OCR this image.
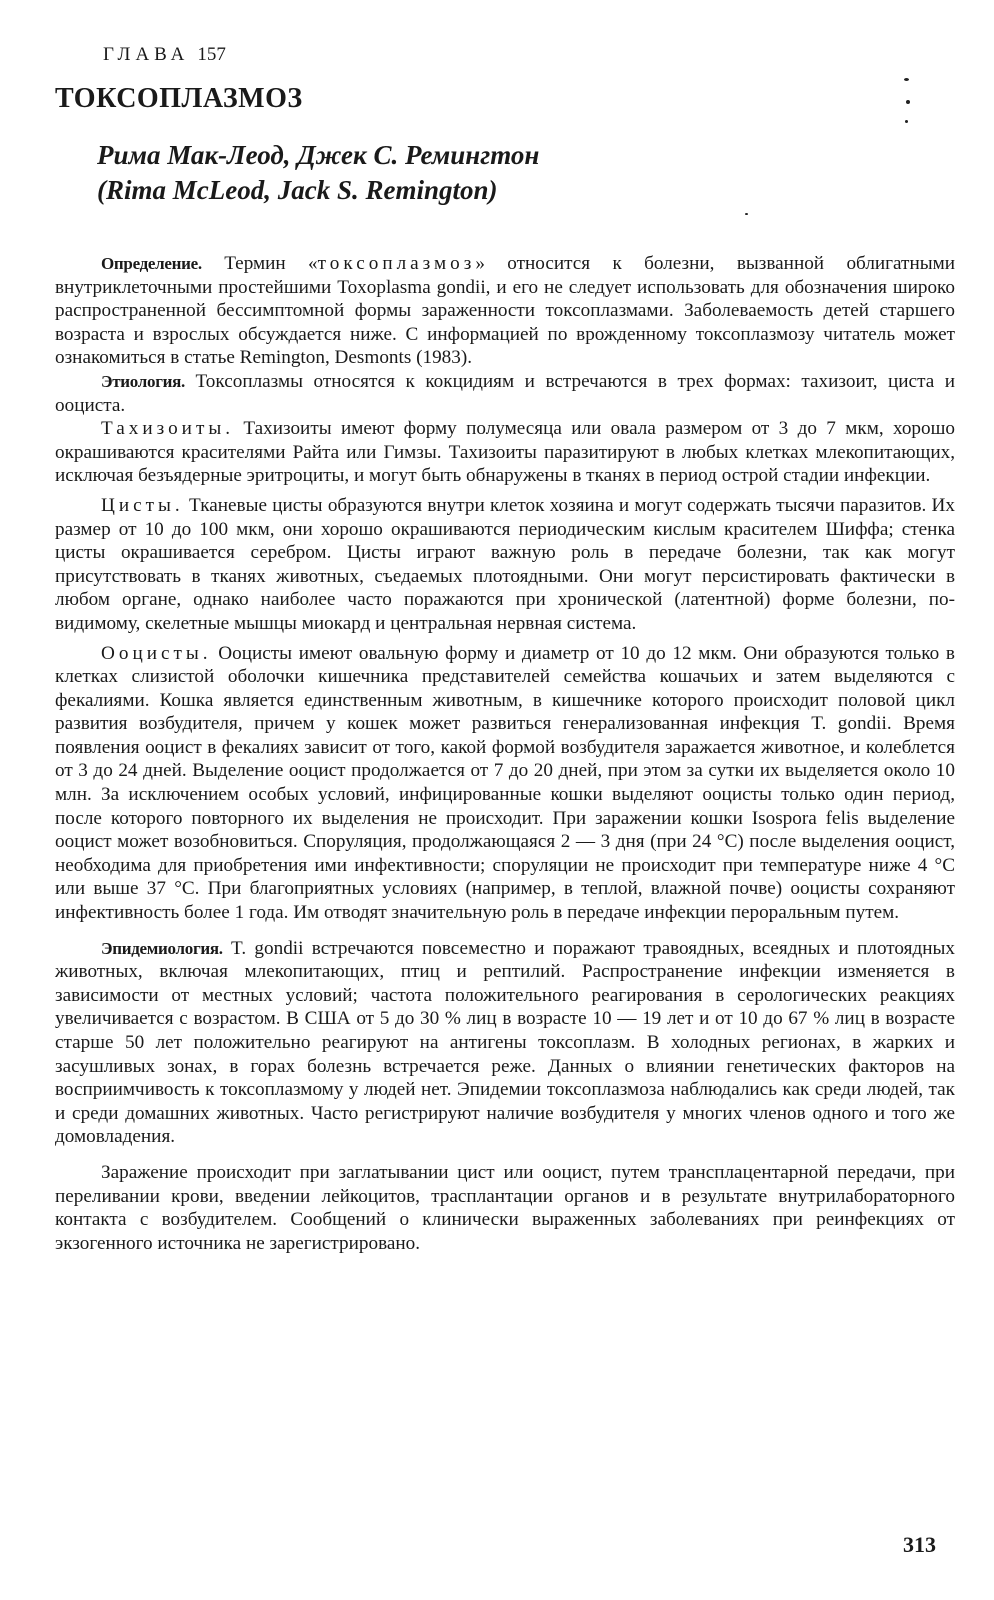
ГЛАВА 157
ТОКСОПЛАЗМОЗ
Рима Мак-Леод, Джек С. Ремингтон
(Rima McLeod, Jack S. Remington)

Определение. Термин «токсоплазмоз» относится к болезни, вызванной облигатными внутриклеточными простейшими Toxoplasma gondii, и его не следует использовать для обозначения широко распространенной бессимптомной формы зараженности токсоплазмами. Заболеваемость детей старшего возраста и взрослых обсуждается ниже. С информацией по врожденному токсоплазмозу читатель может ознакомиться в статье Remington, Desmonts (1983).

Этиология. Токсоплазмы относятся к кокцидиям и встречаются в трех формах: тахизоит, циста и ооциста.

Тахизоиты. Тахизоиты имеют форму полумесяца или овала размером от 3 до 7 мкм, хорошо окрашиваются красителями Райта или Гимзы. Тахизоиты паразитируют в любых клетках млекопитающих, исключая безъядерные эритроциты, и могут быть обнаружены в тканях в период острой стадии инфекции.

Цисты. Тканевые цисты образуются внутри клеток хозяина и могут содержать тысячи паразитов. Их размер от 10 до 100 мкм, они хорошо окрашиваются периодическим кислым красителем Шиффа; стенка цисты окрашивается серебром. Цисты играют важную роль в передаче болезни, так как могут присутствовать в тканях животных, съедаемых плотоядными. Они могут персистировать фактически в любом органе, однако наиболее часто поражаются при хронической (латентной) форме болезни, по-видимому, скелетные мышцы миокард и центральная нервная система.

Ооцисты. Ооцисты имеют овальную форму и диаметр от 10 до 12 мкм. Они образуются только в клетках слизистой оболочки кишечника представителей семейства кошачьих и затем выделяются с фекалиями. Кошка является единственным животным, в кишечнике которого происходит половой цикл развития возбудителя, причем у кошек может развиться генерализованная инфекция T. gondii. Время появления ооцист в фекалиях зависит от того, какой формой возбудителя заражается животное, и колеблется от 3 до 24 дней. Выделение ооцист продолжается от 7 до 20 дней, при этом за сутки их выделяется около 10 млн. За исключением особых условий, инфицированные кошки выделяют ооцисты только один период, после которого повторного их выделения не происходит. При заражении кошки Isospora felis выделение ооцист может возобновиться. Споруляция, продолжающаяся 2 — 3 дня (при 24 °С) после выделения ооцист, необходима для приобретения ими инфективности; споруляции не происходит при температуре ниже 4 °С или выше 37 °С. При благоприятных условиях (например, в теплой, влажной почве) ооцисты сохраняют инфективность более 1 года. Им отводят значительную роль в передаче инфекции пероральным путем.

Эпидемиология. T. gondii встречаются повсеместно и поражают травоядных, всеядных и плотоядных животных, включая млекопитающих, птиц и рептилий. Распространение инфекции изменяется в зависимости от местных условий; частота положительного реагирования в серологических реакциях увеличивается с возрастом. В США от 5 до 30 % лиц в возрасте 10 — 19 лет и от 10 до 67 % лиц в возрасте старше 50 лет положительно реагируют на антигены токсоплазм. В холодных регионах, в жарких и засушливых зонах, в горах болезнь встречается реже. Данных о влиянии генетических факторов на восприимчивость к токсоплазмому у людей нет. Эпидемии токсоплазмоза наблюдались как среди людей, так и среди домашних животных. Часто регистрируют наличие возбудителя у многих членов одного и того же домовладения.

Заражение происходит при заглатывании цист или ооцист, путем трансплацентарной передачи, при переливании крови, введении лейкоцитов, трасплантации органов и в результате внутрилабораторного контакта с возбудителем. Сообщений о клинически выраженных заболеваниях при реинфекциях от экзогенного источника не зарегистрировано.

313
